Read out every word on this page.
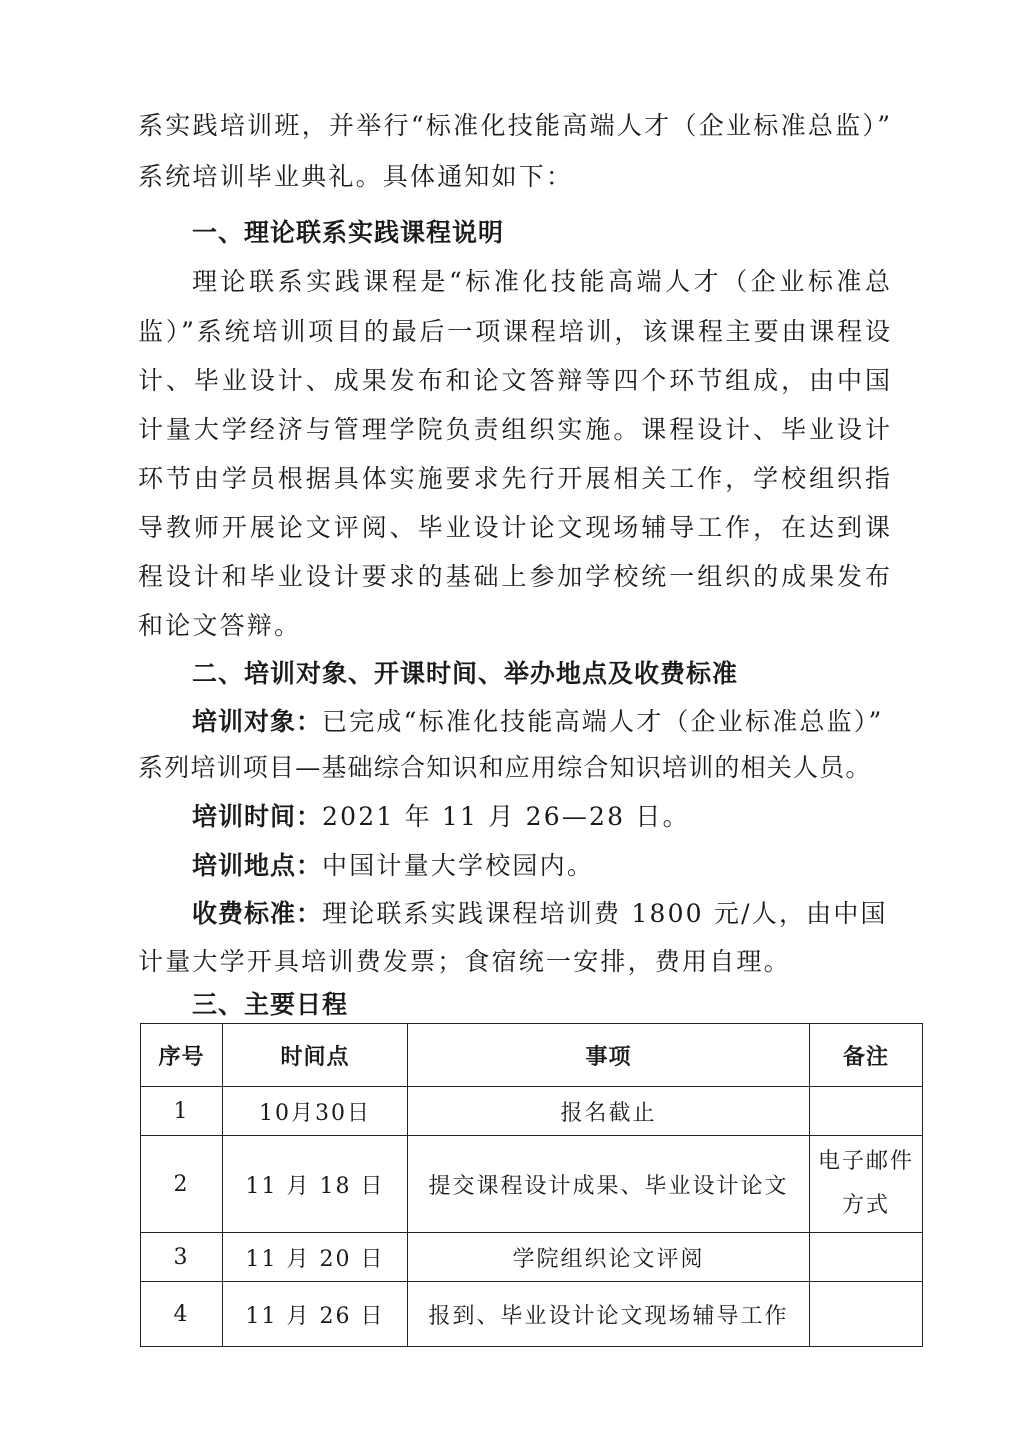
系实践培训班，并举行“标准化技能高端人才（企业标准总监）”
系统培训毕业典礼。具体通知如下：
一、理论联系实践课程说明
理论联系实践课程是“标准化技能高端人才（企业标准总
监）”系统培训项目的最后一项课程培训，该课程主要由课程设
计、毕业设计、成果发布和论文答辩等四个环节组成，由中国
计量大学经济与管理学院负责组织实施。课程设计、毕业设计
环节由学员根据具体实施要求先行开展相关工作，学校组织指
导教师开展论文评阅、毕业设计论文现场辅导工作，在达到课
程设计和毕业设计要求的基础上参加学校统一组织的成果发布
和论文答辩。
二、培训对象、开课时间、举办地点及收费标准
培训对象：已完成“标准化技能高端人才（企业标准总监）”
系列培训项目—基础综合知识和应用综合知识培训的相关人员。
培训时间：2021 年 11 月 26—28 日。
培训地点：中国计量大学校园内。
收费标准：理论联系实践课程培训费 1800 元/人，由中国
计量大学开具培训费发票；食宿统一安排，费用自理。
三、主要日程
序号	时间点	事项	备注
1	10月30日	报名截止	
2	11 月 18 日	提交课程设计成果、毕业设计论文	电子邮件
方式

3	11 月 20 日	学院组织论文评阅	
4	11 月 26 日	报到、毕业设计论文现场辅导工作	
